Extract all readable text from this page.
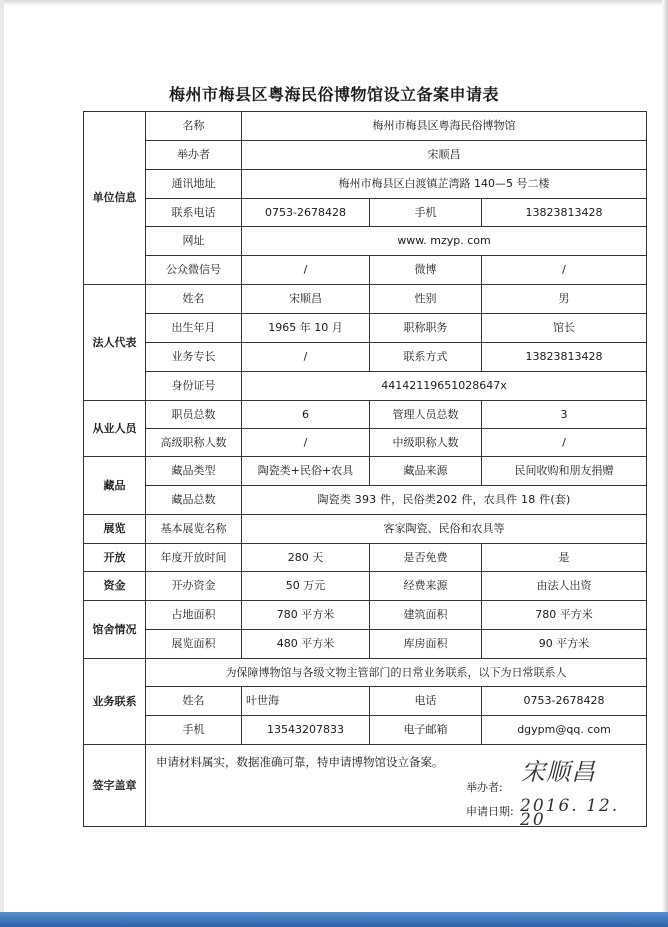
梅州市梅县区粤海民俗博物馆设立备案申请表
单位信息	名称	梅州市梅县区粤海民俗博物馆		
	举办者	宋顺昌		
	通讯地址	梅州市梅县区白渡镇芷湾路 140—5 号二楼		
	联系电话	0753-2678428	手机	13823813428
	网址	www. mzyp. com		
	公众微信号	/	微博	/
法人代表	姓名	宋顺昌	性别	男
	出生年月	1965 年 10 月	职称职务	馆长
	业务专长	/	联系方式	13823813428
	身份证号	44142119651028647x		
从业人员	职员总数	6	管理人员总数	3
	高级职称人数	/	中级职称人数	/
藏品	藏品类型	陶瓷类+民俗+农具	藏品来源	民间收购和朋友捐赠
	藏品总数	陶瓷类 393 件，民俗类202 件，农具件 18 件(套)		
展览	基本展览名称	客家陶瓷、民俗和农具等		
开放	年度开放时间	280 天	是否免费	是
资金	开办资金	50 万元	经费来源	由法人出资
馆舍情况	占地面积	780 平方米	建筑面积	780 平方米
	展览面积	480 平方米	库房面积	90 平方米
业务联系	为保障博物馆与各级文物主管部门的日常业务联系，以下为日常联系人			
	姓名	叶世海	电话	0753-2678428
	手机	13543207833	电子邮箱	dgypm@qq. com
签字盖章	申请材料属实，数据准确可靠，特申请博物馆设立备案。
举办者:
宋顺昌
申请日期: 2016. 12. 20			
